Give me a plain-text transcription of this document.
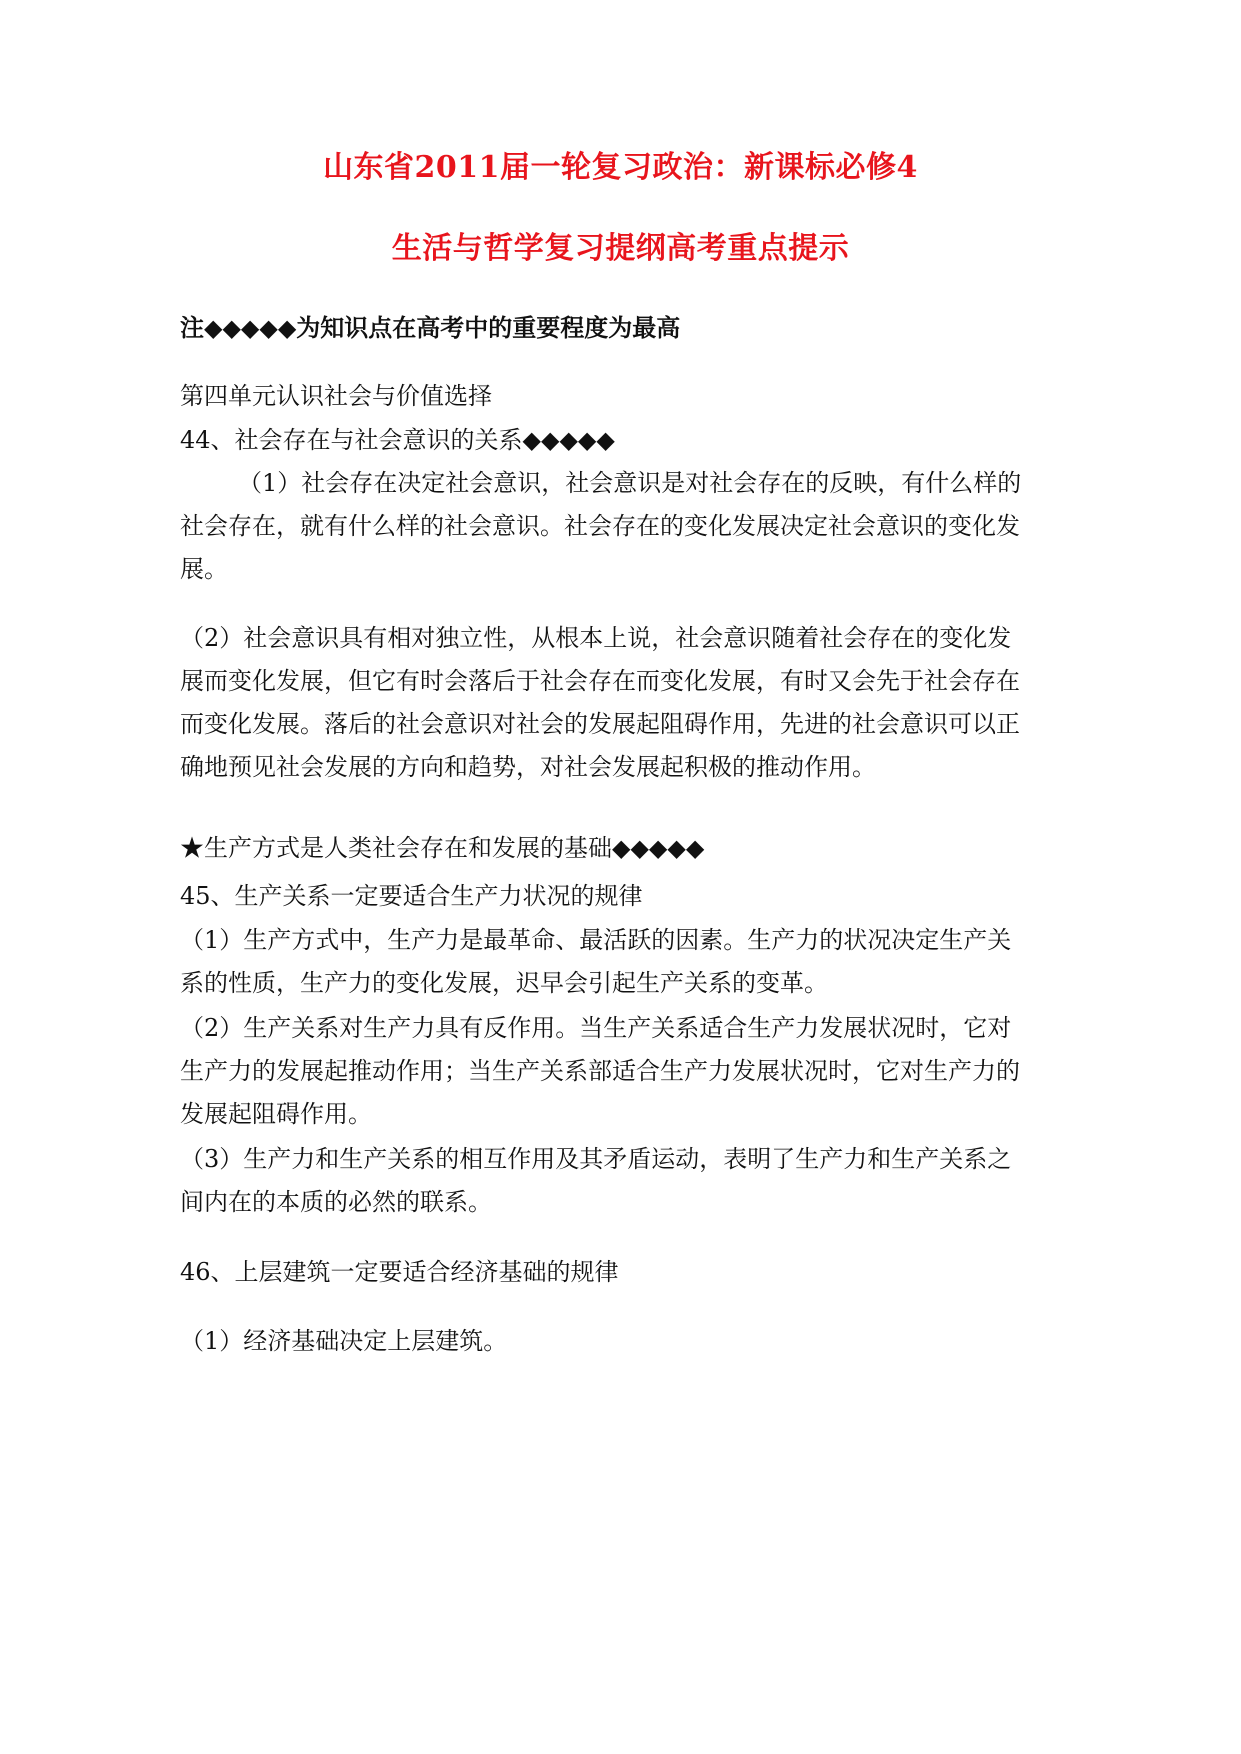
山东省2011届一轮复习政治：新课标必修4
生活与哲学复习提纲高考重点提示
注◆◆◆◆◆为知识点在高考中的重要程度为最高
第四单元认识社会与价值选择
44、社会存在与社会意识的关系◆◆◆◆◆
（1）社会存在决定社会意识，社会意识是对社会存在的反映，有什么样的
社会存在，就有什么样的社会意识。社会存在的变化发展决定社会意识的变化发
展。
（2）社会意识具有相对独立性，从根本上说，社会意识随着社会存在的变化发
展而变化发展，但它有时会落后于社会存在而变化发展，有时又会先于社会存在
而变化发展。落后的社会意识对社会的发展起阻碍作用，先进的社会意识可以正
确地预见社会发展的方向和趋势，对社会发展起积极的推动作用。
★生产方式是人类社会存在和发展的基础◆◆◆◆◆
45、生产关系一定要适合生产力状况的规律
（1）生产方式中，生产力是最革命、最活跃的因素。生产力的状况决定生产关
系的性质，生产力的变化发展，迟早会引起生产关系的变革。
（2）生产关系对生产力具有反作用。当生产关系适合生产力发展状况时，它对
生产力的发展起推动作用；当生产关系部适合生产力发展状况时，它对生产力的
发展起阻碍作用。
（3）生产力和生产关系的相互作用及其矛盾运动，表明了生产力和生产关系之
间内在的本质的必然的联系。
46、上层建筑一定要适合经济基础的规律
（1）经济基础决定上层建筑。
